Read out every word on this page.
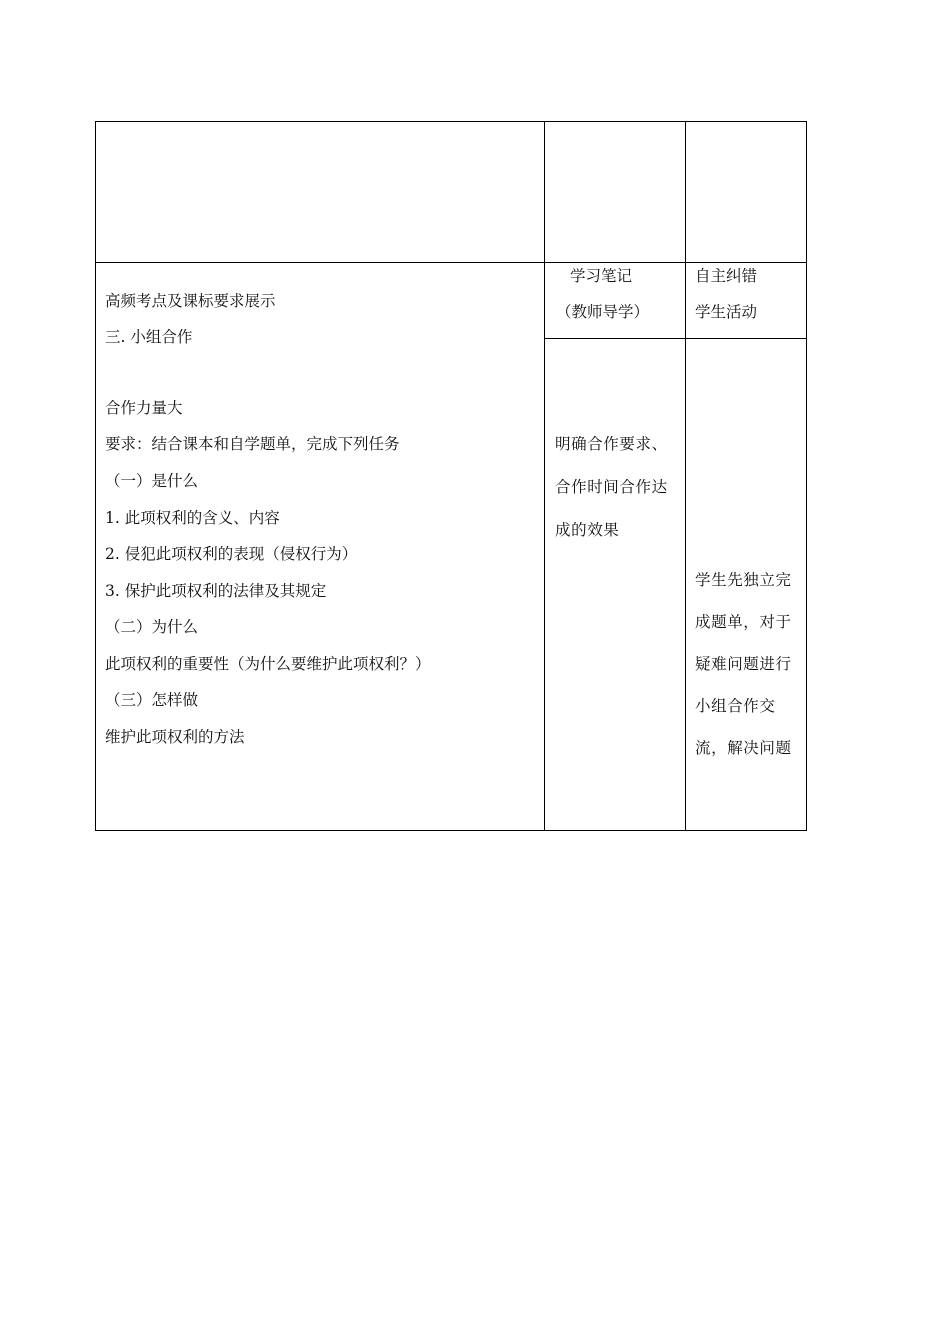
学习笔记
（教师导学）
自主纠错
学生活动
高频考点及课标要求展示
三. 小组合作
合作力量大
要求：结合课本和自学题单，完成下列任务
（一）是什么
1. 此项权利的含义、内容
2. 侵犯此项权利的表现（侵权行为）
3. 保护此项权利的法律及其规定
（二）为什么
此项权利的重要性（为什么要维护此项权利？）
（三）怎样做
维护此项权利的方法
明确合作要求、
合作时间合作达
成的效果
学生先独立完
成题单，对于
疑难问题进行
小组合作交
流，解决问题
